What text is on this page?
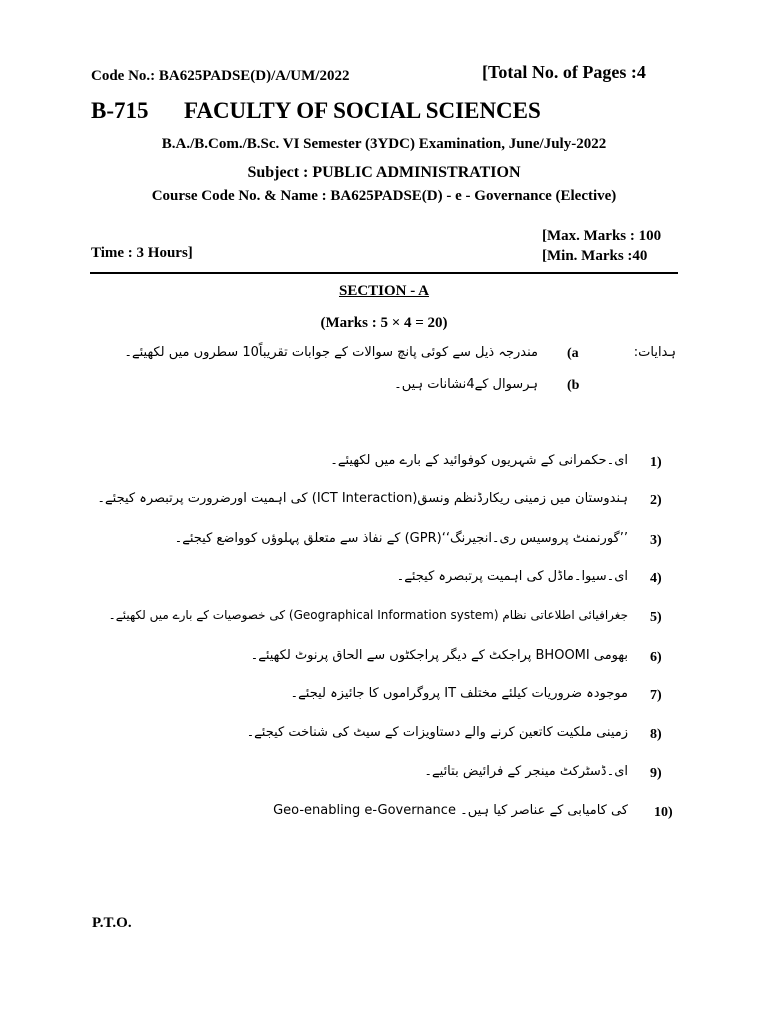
Code No.: BA625PADSE(D)/A/UM/2022	[Total No. of Pages :4
B-715 FACULTY OF SOCIAL SCIENCES
B.A./B.Com./B.Sc. VI Semester (3YDC) Examination, June/July-2022
Subject : PUBLIC ADMINISTRATION
Course Code No. & Name : BA625PADSE(D) - e - Governance (Elective)
[Max. Marks : 100
[Min. Marks :40
Time : 3 Hours]
SECTION - A
(Marks : 5 × 4 = 20)
ہدایات:
(a
مندرجہ ذیل سے کوئی پانچ سوالات کے جوابات تقریباً10 سطروں میں لکھیئے۔
(b
ہرسوال کے4نشانات ہیں۔
1)
ای۔حکمرانی کے شہریوں کوفوائید کے بارے میں لکھیئے۔
2)
ہندوستان میں زمینی ریکارڈنظم ونسق(ICT Interaction) کی اہمیت اورضرورت پرتبصرہ کیجئے۔
3)
’’گورنمنٹ پروسیس ری۔انجیرنگ‘‘(GPR) کے نفاذ سے متعلق پہلوؤں کوواضع کیجئے۔
4)
ای۔سیوا۔ماڈل کی اہمیت پرتبصرہ کیجئے۔
5)
جغرافیائی اطلاعاتی نظام (Geographical Information system) کی خصوصیات کے بارے میں لکھیئے۔
6)
بھومی BHOOMI پراجکٹ کے دیگر پراجکٹوں سے الحاق پرنوٹ لکھیئے۔
7)
موجودہ ضروریات کیلئے مختلف IT پروگراموں کا جائیزہ لیجئے۔
8)
زمینی ملکیت کاتعین کرنے والے دستاویزات کے سیٹ کی شناخت کیجئے۔
9)
ای۔ڈسٹرکٹ مینجر کے فرائیض بتائیے۔
10)
Geo-enabling e-Governance کی کامیابی کے عناصر کیا ہیں۔
P.T.O.
